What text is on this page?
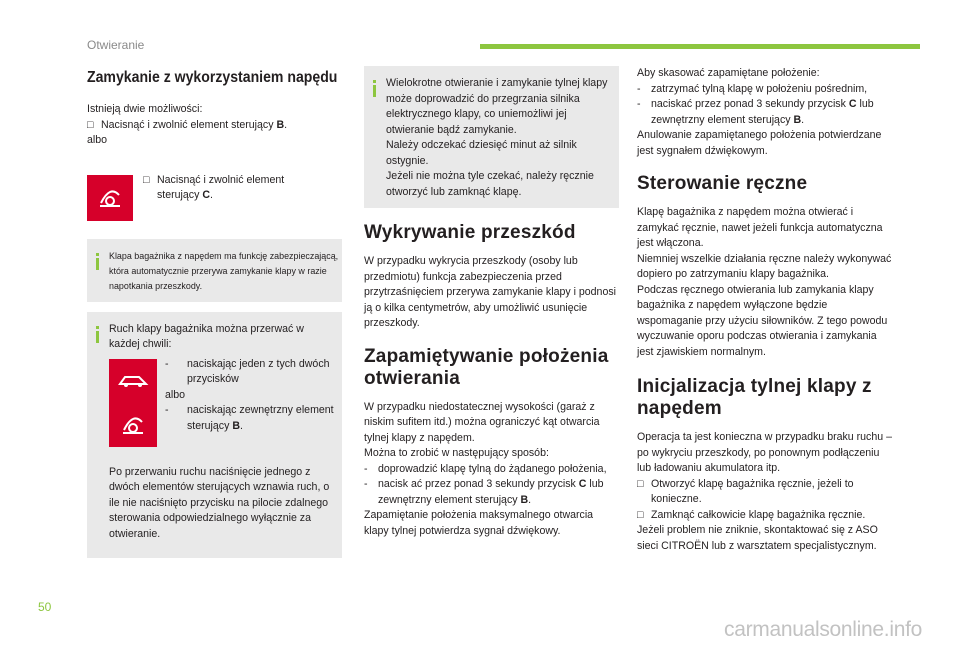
Otwieranie
Zamykanie z wykorzystaniem napędu

Istnieją dwie możliwości:

□ Nacisnąć i zwolnić element sterujący B.

albo

□ Nacisnąć i zwolnić element sterujący C.

Klapa bagażnika z napędem ma funkcję zabezpieczającą, która automatycznie przerywa zamykanie klapy w razie napotkania przeszkody.

Ruch klapy bagażnika można przerwać w każdej chwili:

-	naciskając jeden z tych dwóch przycisków

albo

-	naciskając zewnętrzny element sterujący B.

Po przerwaniu ruchu naciśnięcie jednego z dwóch elementów sterujących wznawia ruch, o ile nie naciśnięto przycisku na pilocie zdalnego sterowania odpowiedzialnego wyłącznie za otwieranie.

Wielokrotne otwieranie i zamykanie tylnej klapy może doprowadzić do przegrzania silnika elektrycznego klapy, co uniemożliwi jej otwieranie bądź zamykanie.

Należy odczekać dziesięć minut aż silnik ostygnie.

Jeżeli nie można tyle czekać, należy ręcznie otworzyć lub zamknąć klapę.

Wykrywanie przeszkód

W przypadku wykrycia przeszkody (osoby lub przedmiotu) funkcja zabezpieczenia przed przytrzaśnięciem przerywa zamykanie klapy i podnosi ją o kilka centymetrów, aby umożliwić usunięcie przeszkody.

Zapamiętywanie położenia otwierania

W przypadku niedostatecznej wysokości (garaż z niskim sufitem itd.) można ograniczyć kąt otwarcia tylnej klapy z napędem.

Można to zrobić w następujący sposób:

- doprowadzić klapę tylną do żądanego położenia,
- nacisk ać przez ponad 3 sekundy przycisk C lub zewnętrzny element sterujący B.

Zapamiętanie położenia maksymalnego otwarcia klapy tylnej potwierdza sygnał dźwiękowy.

Aby skasować zapamiętane położenie:

- zatrzymać tylną klapę w położeniu pośrednim,
- naciskać przez ponad 3 sekundy przycisk C lub zewnętrzny element sterujący B.

Anulowanie zapamiętanego położenia potwierdzane jest sygnałem dźwiękowym.

Sterowanie ręczne

Klapę bagażnika z napędem można otwierać i zamykać ręcznie, nawet jeżeli funkcja automatyczna jest włączona.

Niemniej wszelkie działania ręczne należy wykonywać dopiero po zatrzymaniu klapy bagażnika.

Podczas ręcznego otwierania lub zamykania klapy bagażnika z napędem wyłączone będzie wspomaganie przy użyciu siłowników. Z tego powodu wyczuwanie oporu podczas otwierania i zamykania jest zjawiskiem normalnym.

Inicjalizacja tylnej klapy z napędem

Operacja ta jest konieczna w przypadku braku ruchu – po wykryciu przeszkody, po ponownym podłączeniu lub ładowaniu akumulatora itp.

□ Otworzyć klapę bagażnika ręcznie, jeżeli to konieczne.
□ Zamknąć całkowicie klapę bagażnika ręcznie.

Jeżeli problem nie zniknie, skontaktować się z ASO sieci CITROËN lub z warsztatem specjalistycznym.

50
carmanualsonline.info
